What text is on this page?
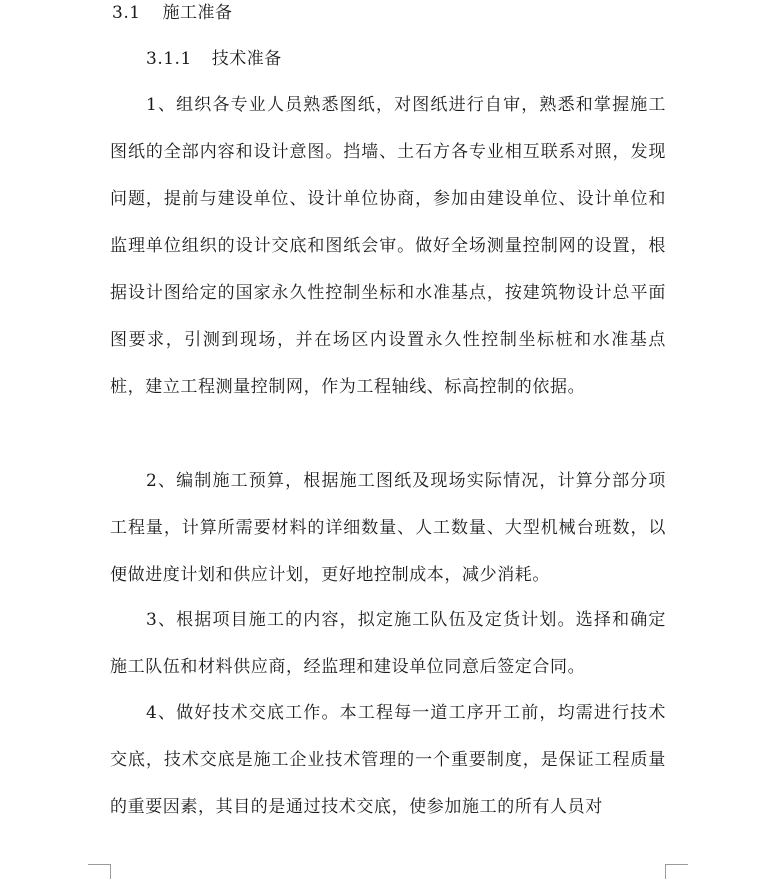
3.1 施工准备
3.1.1 技术准备

1、组织各专业人员熟悉图纸，对图纸进行自审，熟悉和掌握施工图纸的全部内容和设计意图。挡墙、土石方各专业相互联系对照，发现问题，提前与建设单位、设计单位协商，参加由建设单位、设计单位和监理单位组织的设计交底和图纸会审。做好全场测量控制网的设置，根据设计图给定的国家永久性控制坐标和水准基点，按建筑物设计总平面图要求，引测到现场，并在场区内设置永久性控制坐标桩和水准基点桩，建立工程测量控制网，作为工程轴线、标高控制的依据。

2、编制施工预算，根据施工图纸及现场实际情况，计算分部分项工程量，计算所需要材料的详细数量、人工数量、大型机械台班数，以便做进度计划和供应计划，更好地控制成本，减少消耗。

3、根据项目施工的内容，拟定施工队伍及定货计划。选择和确定施工队伍和材料供应商，经监理和建设单位同意后签定合同。

4、做好技术交底工作。本工程每一道工序开工前，均需进行技术交底，技术交底是施工企业技术管理的一个重要制度，是保证工程质量的重要因素，其目的是通过技术交底，使参加施工的所有人员对
